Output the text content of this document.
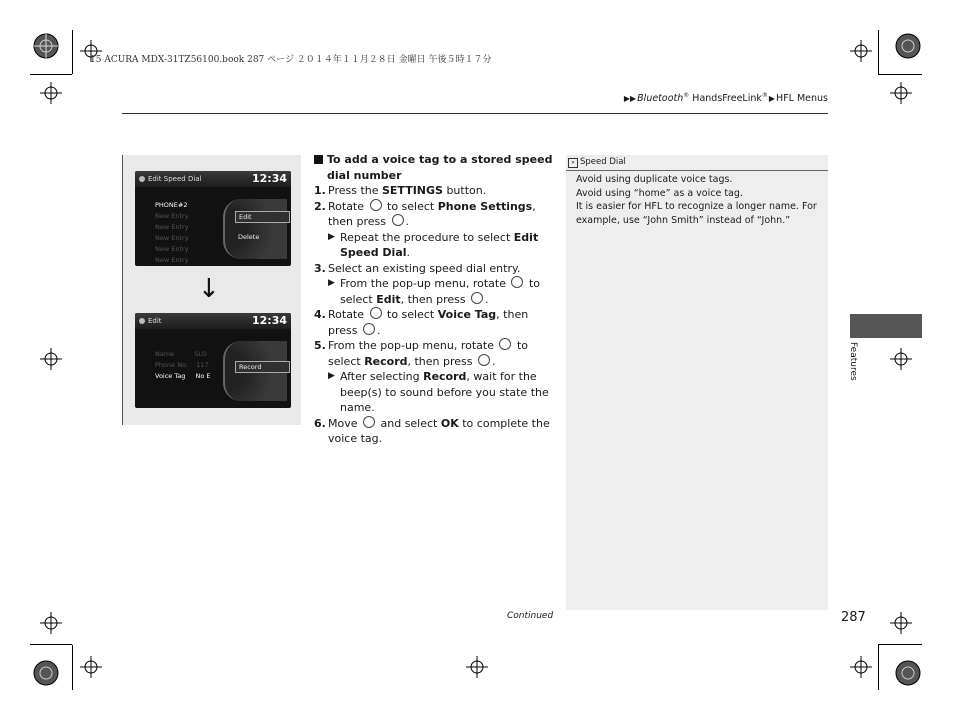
15 ACURA MDX-31TZ56100.book 287 ページ ２０１４年１１月２８日 金曜日 午後５時１７分
▶▶Bluetooth® HandsFreeLink®▶HFL Menus
Edit Speed Dial	12:34
PHONE#2
New Entry
New Entry
New Entry
New Entry
New Entry
Edit
Delete
Edit	12:34
Name	SLO
Phone No. 117
Voice Tag No E
Record
↓
To add a voice tag to a stored speed dial number
1. Press the SETTINGS button.
2. Rotate  to select Phone Settings, then press .
▶ Repeat the procedure to select Edit Speed Dial.
3. Select an existing speed dial entry.
▶ From the pop-up menu, rotate  to select Edit, then press .
4. Rotate  to select Voice Tag, then press .
5. From the pop-up menu, rotate  to select Record, then press .
▶ After selecting Record, wait for the beep(s) to sound before you state the name.
6. Move  and select OK to complete the voice tag.
» Speed Dial
Avoid using duplicate voice tags.
Avoid using “home” as a voice tag.
It is easier for HFL to recognize a longer name. For example, use “John Smith” instead of “John.”
Continued	287
Features
